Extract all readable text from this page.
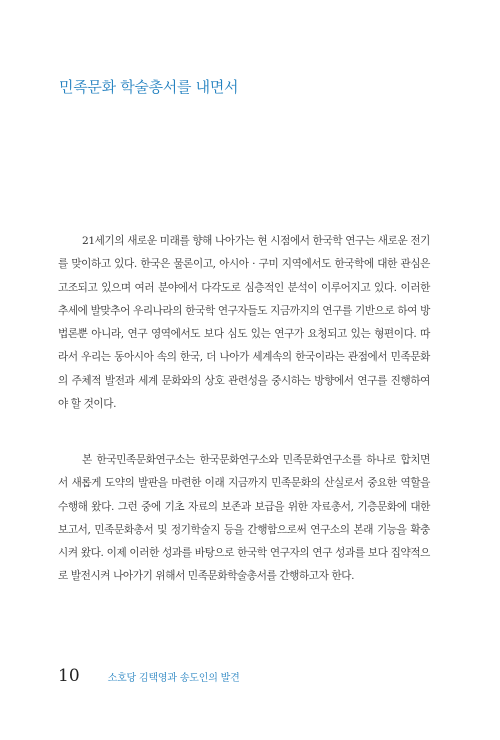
민족문화 학술총서를 내면서

21세기의 새로운 미래를 향해 나아가는 현 시점에서 한국학 연구는 새로운 전기를 맞이하고 있다. 한국은 물론이고, 아시아 · 구미 지역에서도 한국학에 대한 관심은 고조되고 있으며 여러 분야에서 다각도로 심층적인 분석이 이루어지고 있다. 이러한 추세에 발맞추어 우리나라의 한국학 연구자들도 지금까지의 연구를 기반으로 하여 방법론뿐 아니라, 연구 영역에서도 보다 심도 있는 연구가 요청되고 있는 형편이다. 따라서 우리는 동아시아 속의 한국, 더 나아가 세계속의 한국이라는 관점에서 민족문화의 주체적 발전과 세계 문화와의 상호 관련성을 중시하는 방향에서 연구를 진행하여야 할 것이다.

본 한국민족문화연구소는 한국문화연구소와 민족문화연구소를 하나로 합치면서 새롭게 도약의 발판을 마련한 이래 지금까지 민족문화의 산실로서 중요한 역할을 수행해 왔다. 그런 중에 기초 자료의 보존과 보급을 위한 자료총서, 기층문화에 대한 보고서, 민족문화총서 및 정기학술지 등을 간행함으로써 연구소의 본래 기능을 확충시켜 왔다. 이제 이러한 성과를 바탕으로 한국학 연구자의 연구 성과를 보다 집약적으로 발전시켜 나아가기 위해서 민족문화학술총서를 간행하고자 한다.

10	소호당 김택영과 송도인의 발견
